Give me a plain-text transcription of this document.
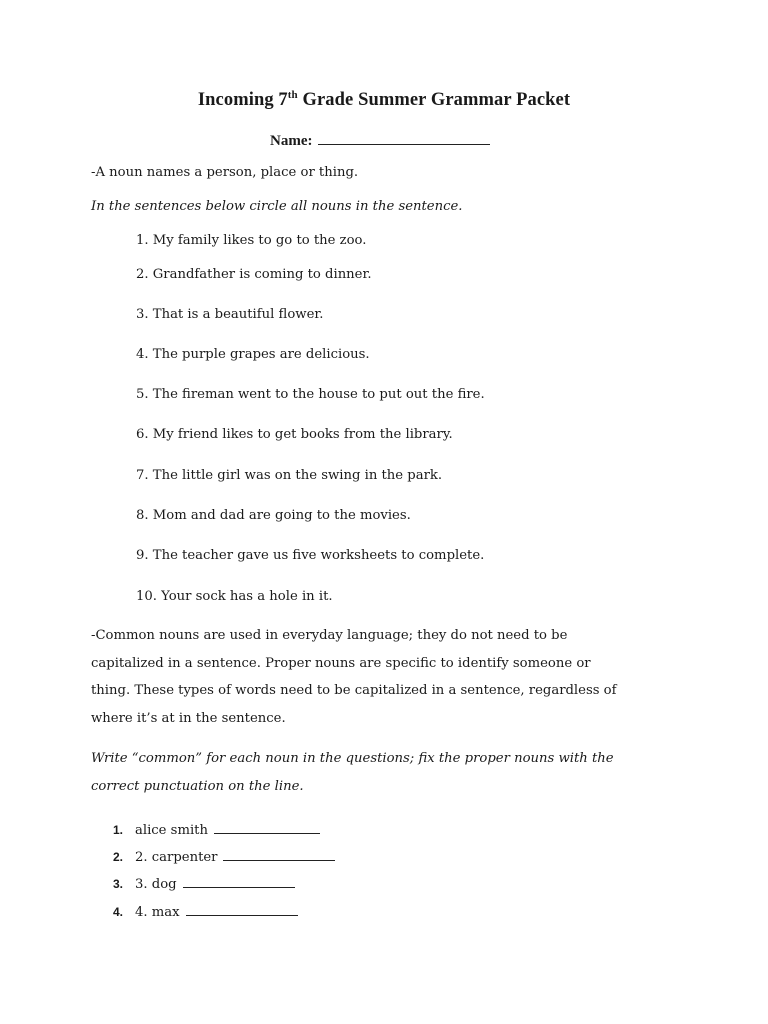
Incoming 7th Grade Summer Grammar Packet
Name:
-A noun names a person, place or thing.
In the sentences below circle all nouns in the sentence.
1. My family likes to go to the zoo.
2. Grandfather is coming to dinner.
3. That is a beautiful flower.
4. The purple grapes are delicious.
5. The fireman went to the house to put out the fire.
6. My friend likes to get books from the library.
7. The little girl was on the swing in the park.
8. Mom and dad are going to the movies.
9. The teacher gave us five worksheets to complete.
10. Your sock has a hole in it.
-Common nouns are used in everyday language; they do not need to be
capitalized in a sentence. Proper nouns are specific to identify someone or
thing. These types of words need to be capitalized in a sentence, regardless of
where it’s at in the sentence.
Write “common” for each noun in the questions; fix the proper nouns with the
correct punctuation on the line.
1. alice smith
2. 2. carpenter
3. 3. dog
4. 4. max
